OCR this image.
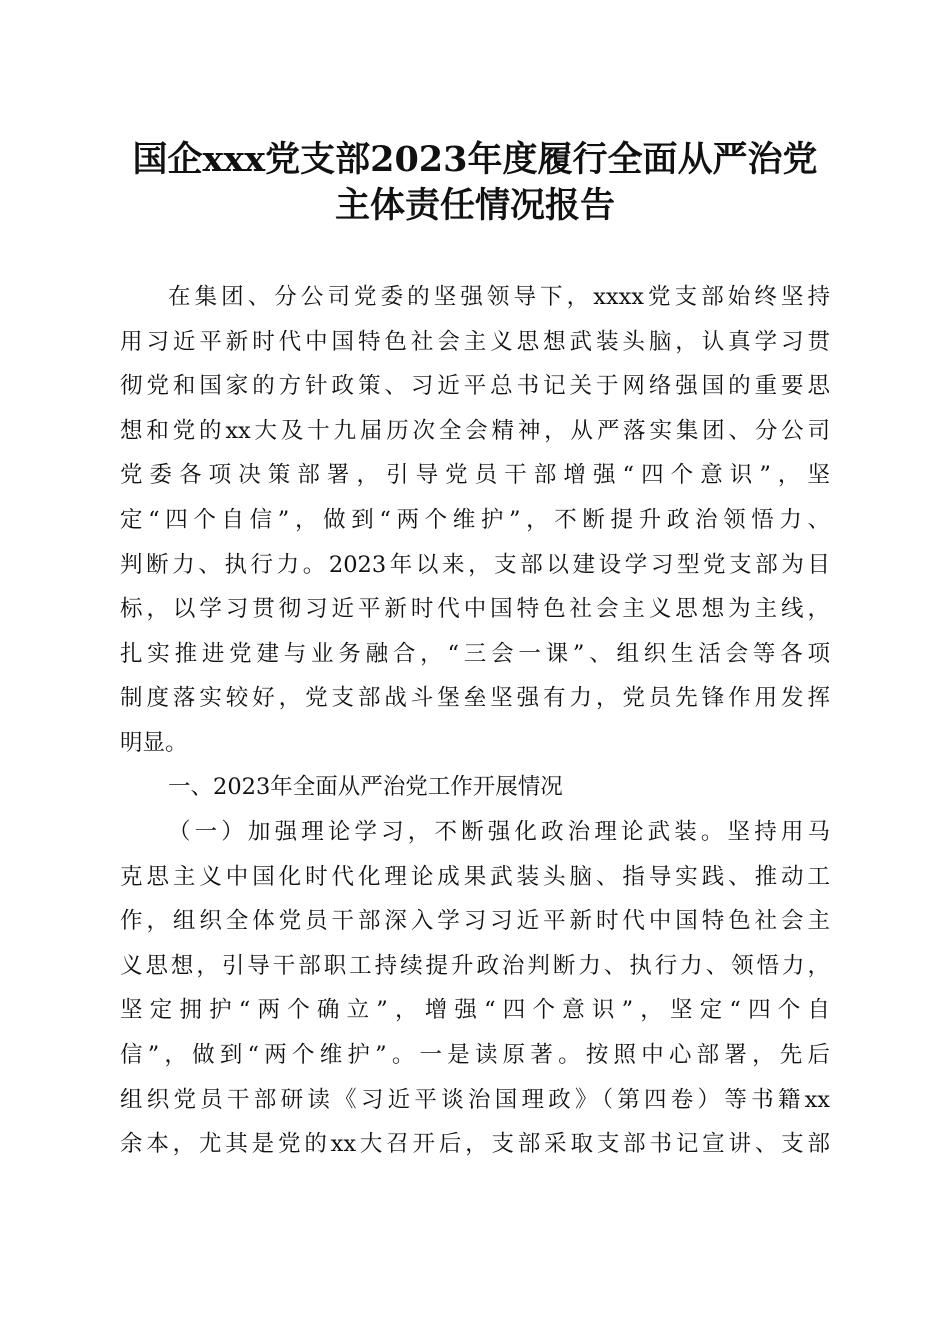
国企xxx党支部2023年度履行全面从严治党
主体责任情况报告
在集团、分公司党委的坚强领导下，xxxx党支部始终坚持
用习近平新时代中国特色社会主义思想武装头脑，认真学习贯
彻党和国家的方针政策、习近平总书记关于网络强国的重要思
想和党的xx大及十九届历次全会精神，从严落实集团、分公司
党委各项决策部署，引导党员干部增强“四个意识”，坚
定“四个自信”，做到“两个维护”，不断提升政治领悟力、
判断力、执行力。2023年以来，支部以建设学习型党支部为目
标，以学习贯彻习近平新时代中国特色社会主义思想为主线，
扎实推进党建与业务融合，“三会一课”、组织生活会等各项
制度落实较好，党支部战斗堡垒坚强有力，党员先锋作用发挥
明显。
一、2023年全面从严治党工作开展情况
（一）加强理论学习，不断强化政治理论武装。坚持用马
克思主义中国化时代化理论成果武装头脑、指导实践、推动工
作，组织全体党员干部深入学习习近平新时代中国特色社会主
义思想，引导干部职工持续提升政治判断力、执行力、领悟力，
坚定拥护“两个确立”，增强“四个意识”，坚定“四个自
信”，做到“两个维护”。一是读原著。按照中心部署，先后
组织党员干部研读《习近平谈治国理政》（第四卷）等书籍xx
余本，尤其是党的xx大召开后，支部采取支部书记宣讲、支部
